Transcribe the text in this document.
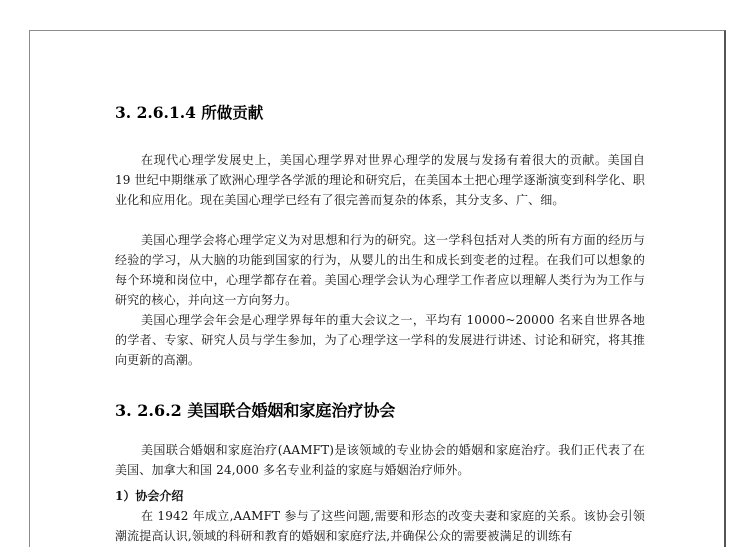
3. 2.6.1.4 所做贡献

在现代心理学发展史上，美国心理学界对世界心理学的发展与发扬有着很大的贡献。美国自 19 世纪中期继承了欧洲心理学各学派的理论和研究后，在美国本土把心理学逐渐演变到科学化、职业化和应用化。现在美国心理学已经有了很完善而复杂的体系，其分支多、广、细。

美国心理学会将心理学定义为对思想和行为的研究。这一学科包括对人类的所有方面的经历与经验的学习，从大脑的功能到国家的行为，从婴儿的出生和成长到变老的过程。在我们可以想象的每个环境和岗位中，心理学都存在着。美国心理学会认为心理学工作者应以理解人类行为为工作与研究的核心，并向这一方向努力。

美国心理学会年会是心理学界每年的重大会议之一，平均有 10000~20000 名来自世界各地的学者、专家、研究人员与学生参加，为了心理学这一学科的发展进行讲述、讨论和研究，将其推向更新的高潮。

3. 2.6.2 美国联合婚姻和家庭治疗协会

美国联合婚姻和家庭治疗(AAMFT)是该领域的专业协会的婚姻和家庭治疗。我们正代表了在美国、加拿大和国 24,000 多名专业利益的家庭与婚姻治疗师外。

1）协会介绍

在 1942 年成立,AAMFT 参与了这些问题,需要和形态的改变夫妻和家庭的关系。该协会引领潮流提高认识,领域的科研和教育的婚姻和家庭疗法,并确保公众的需要被满足的训练有
